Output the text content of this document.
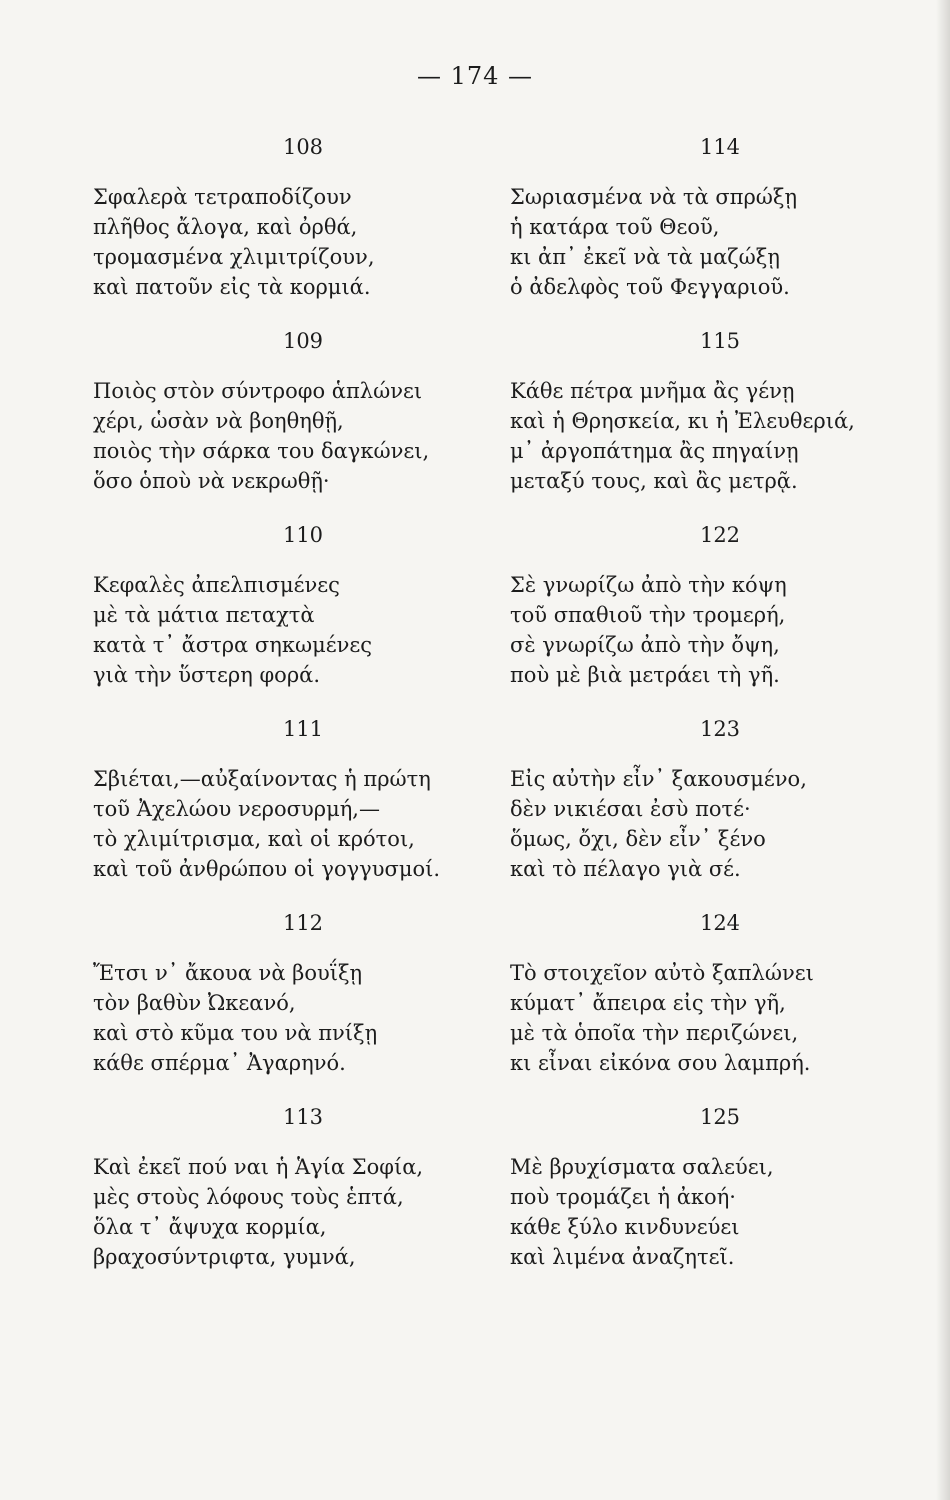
— 174 —
108
Σφαλερὰ τετραποδίζουν
πλῆθος ἄλογα, καὶ ὀρθά,
τρομασμένα χλιμιτρίζουν,
καὶ πατοῦν εἰς τὰ κορμιά.
109
Ποιὸς στὸν σύντροφο ἁπλώνει
χέρι, ὡσὰν νὰ βοηθηθῇ,
ποιὸς τὴν σάρκα του δαγκώνει,
ὅσο ὁποὺ νὰ νεκρωθῇ·
110
Κεφαλὲς ἀπελπισμένες
μὲ τὰ μάτια πεταχτὰ
κατὰ τ᾿ ἄστρα σηκωμένες
γιὰ τὴν ὕστερη φορά.
111
Σβιέται,—αὐξαίνοντας ἡ πρώτη
τοῦ Ἀχελώου νεροσυρμή,—
τὸ χλιμίτρισμα, καὶ οἱ κρότοι,
καὶ τοῦ ἀνθρώπου οἱ γογγυσμοί.
112
Ἔτσι ν᾿ ἄκουα νὰ βουΐξῃ
τὸν βαθὺν Ὠκεανό,
καὶ στὸ κῦμα του νὰ πνίξῃ
κάθε σπέρμα᾿ Ἀγαρηνό.
113
Καὶ ἐκεῖ πού ναι ἡ Ἁγία Σοφία,
μὲς στοὺς λόφους τοὺς ἑπτά,
ὅλα τ᾿ ἄψυχα κορμία,
βραχοσύντριφτα, γυμνά,
114
Σωριασμένα νὰ τὰ σπρώξῃ
ἡ κατάρα τοῦ Θεοῦ,
κι ἀπ᾿ ἐκεῖ νὰ τὰ μαζώξῃ
ὁ ἀδελφὸς τοῦ Φεγγαριοῦ.
115
Κάθε πέτρα μνῆμα ἂς γένῃ
καὶ ἡ Θρησκεία, κι ἡ Ἐλευθεριά,
μ᾿ ἀργοπάτημα ἂς πηγαίνῃ
μεταξύ τους, καὶ ἂς μετρᾷ.
122
Σὲ γνωρίζω ἀπὸ τὴν κόψη
τοῦ σπαθιοῦ τὴν τρομερή,
σὲ γνωρίζω ἀπὸ τὴν ὄψη,
ποὺ μὲ βιὰ μετράει τὴ γῆ.
123
Εἰς αὐτὴν εἶν᾿ ξακουσμένο,
δὲν νικιέσαι ἐσὺ ποτέ·
ὅμως, ὄχι, δὲν εἶν᾿ ξένο
καὶ τὸ πέλαγο γιὰ σέ.
124
Τὸ στοιχεῖον αὐτὸ ξαπλώνει
κύματ᾿ ἄπειρα εἰς τὴν γῆ,
μὲ τὰ ὁποῖα τὴν περιζώνει,
κι εἶναι εἰκόνα σου λαμπρή.
125
Μὲ βρυχίσματα σαλεύει,
ποὺ τρομάζει ἡ ἀκοή·
κάθε ξύλο κινδυνεύει
καὶ λιμένα ἀναζητεῖ.
